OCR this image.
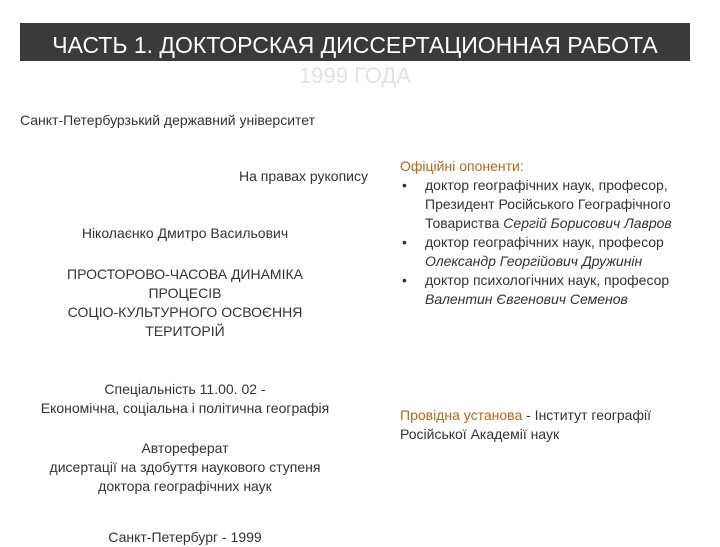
ЧАСТЬ 1. ДОКТОРСКАЯ ДИССЕРТАЦИОННАЯ РАБОТА
1999 ГОДА
Санкт-Петербурзький державний університет
На правах рукопису
Ніколаєнко Дмитро Васильович
ПРОСТОРОВО-ЧАСОВА ДИНАМІКА
ПРОЦЕСІВ
СОЦІО-КУЛЬТУРНОГО ОСВОЄННЯ
ТЕРИТОРІЙ
Спеціальність 11.00. 02 -
Економічна, соціальна і політична географія
Автореферат
дисертації на здобуття наукового ступеня
доктора географічних наук
Санкт-Петербург - 1999
Офіційні опоненти:
• доктор географічних наук, професор, Президент Російського Географічного Товариства Сергій Борисович Лавров
• доктор географічних наук, професор Олександр Георгійович Дружинін
• доктор психологічних наук, професор Валентин Євгенович Семенов
Провідна установа - Інститут географії Російської Академії наук
